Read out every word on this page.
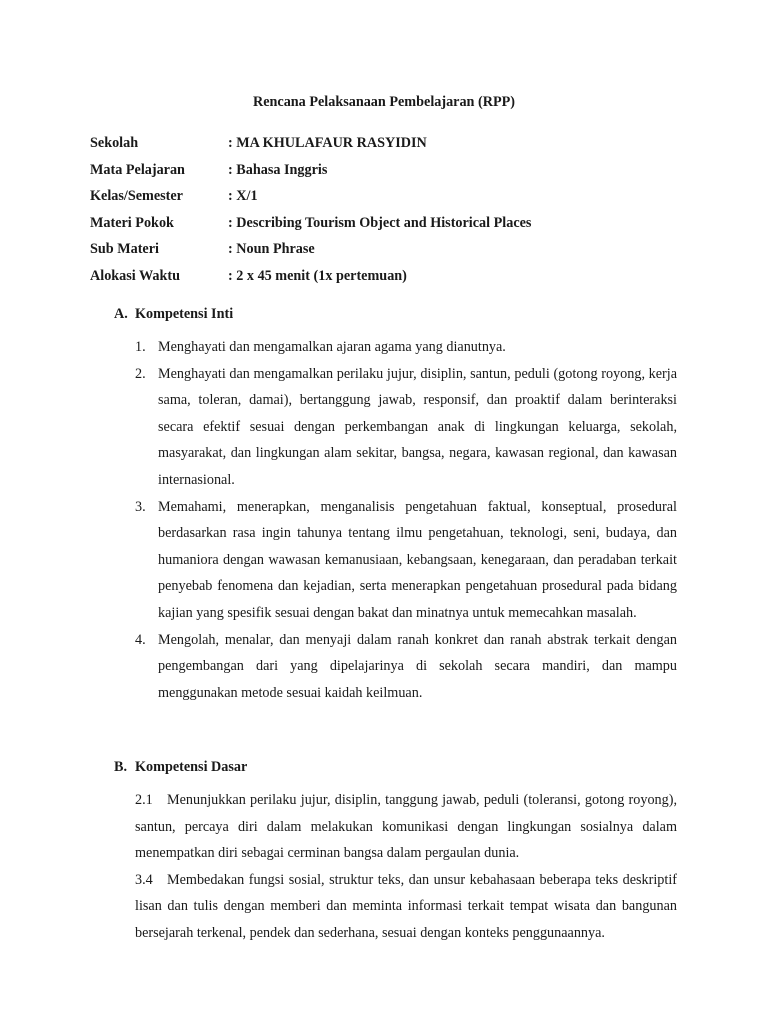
Rencana Pelaksanaan Pembelajaran (RPP)
Sekolah	: MA KHULAFAUR RASYIDIN
Mata Pelajaran	: Bahasa Inggris
Kelas/Semester	: X/1
Materi Pokok	: Describing Tourism Object and Historical Places
Sub Materi	: Noun Phrase
Alokasi Waktu	: 2 x 45 menit (1x pertemuan)
A. Kompetensi Inti
1. Menghayati dan mengamalkan ajaran agama yang dianutnya.
2. Menghayati dan mengamalkan perilaku jujur, disiplin, santun, peduli (gotong royong, kerja sama, toleran, damai), bertanggung jawab, responsif, dan proaktif dalam berinteraksi secara efektif sesuai dengan perkembangan anak di lingkungan keluarga, sekolah, masyarakat, dan lingkungan alam sekitar, bangsa, negara, kawasan regional, dan kawasan internasional.
3. Memahami, menerapkan, menganalisis pengetahuan faktual, konseptual, prosedural berdasarkan rasa ingin tahunya tentang ilmu pengetahuan, teknologi, seni, budaya, dan humaniora dengan wawasan kemanusiaan, kebangsaan, kenegaraan, dan peradaban terkait penyebab fenomena dan kejadian, serta menerapkan pengetahuan prosedural pada bidang kajian yang spesifik sesuai dengan bakat dan minatnya untuk memecahkan masalah.
4. Mengolah, menalar, dan menyaji dalam ranah konkret dan ranah abstrak terkait dengan pengembangan dari yang dipelajarinya di sekolah secara mandiri, dan mampu menggunakan metode sesuai kaidah keilmuan.
B. Kompetensi Dasar
2.1 Menunjukkan perilaku jujur, disiplin, tanggung jawab, peduli (toleransi, gotong royong), santun, percaya diri dalam melakukan komunikasi dengan lingkungan sosialnya dalam menempatkan diri sebagai cerminan bangsa dalam pergaulan dunia.
3.4 Membedakan fungsi sosial, struktur teks, dan unsur kebahasaan beberapa teks deskriptif lisan dan tulis dengan memberi dan meminta informasi terkait tempat wisata dan bangunan bersejarah terkenal, pendek dan sederhana, sesuai dengan konteks penggunaannya.
